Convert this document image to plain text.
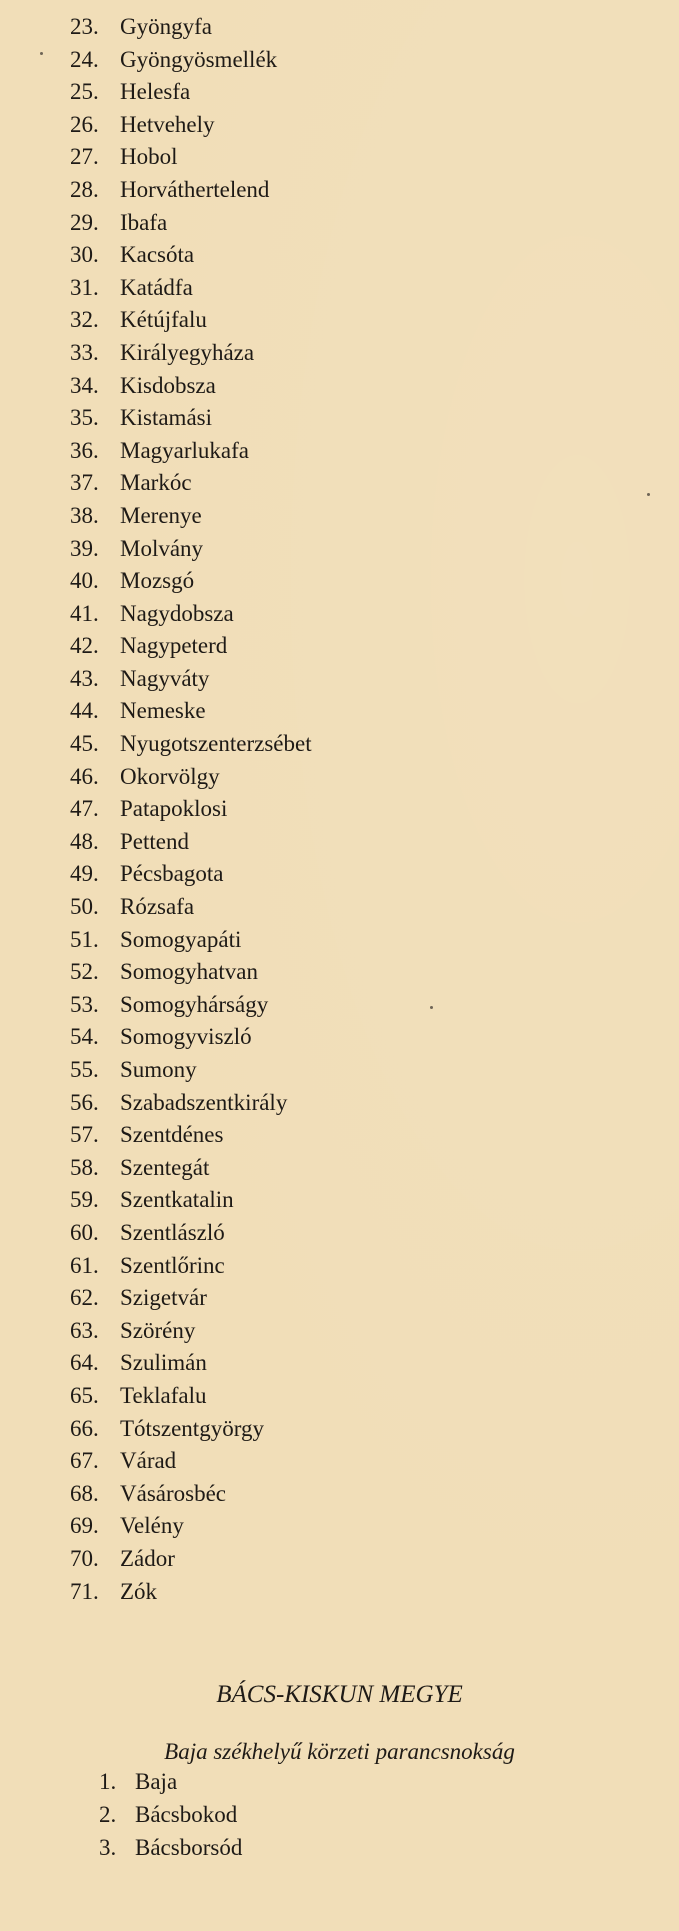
23. Gyöngyfa
24. Gyöngyösmellék
25. Helesfa
26. Hetvehely
27. Hobol
28. Horváthertelend
29. Ibafa
30. Kacsóta
31. Katádfa
32. Kétújfalu
33. Királyegyháza
34. Kisdobsza
35. Kistamási
36. Magyarlukafa
37. Markóc
38. Merenye
39. Molvány
40. Mozsgó
41. Nagydobsza
42. Nagypeterd
43. Nagyváty
44. Nemeske
45. Nyugotszenterzsébet
46. Okorvölgy
47. Patapoklosi
48. Pettend
49. Pécsbagota
50. Rózsafa
51. Somogyapáti
52. Somogyhatvan
53. Somogyhárságy
54. Somogyviszló
55. Sumony
56. Szabadszentkirály
57. Szentdénes
58. Szentegát
59. Szentkatalin
60. Szentlászló
61. Szentlőrinc
62. Szigetvár
63. Szörény
64. Szulimán
65. Teklafalu
66. Tótszentgyörgy
67. Várad
68. Vásárosbéc
69. Velény
70. Zádor
71. Zók
BÁCS-KISKUN MEGYE
Baja székhelyű körzeti parancsnokság
1. Baja
2. Bácsbokod
3. Bácsborsód
